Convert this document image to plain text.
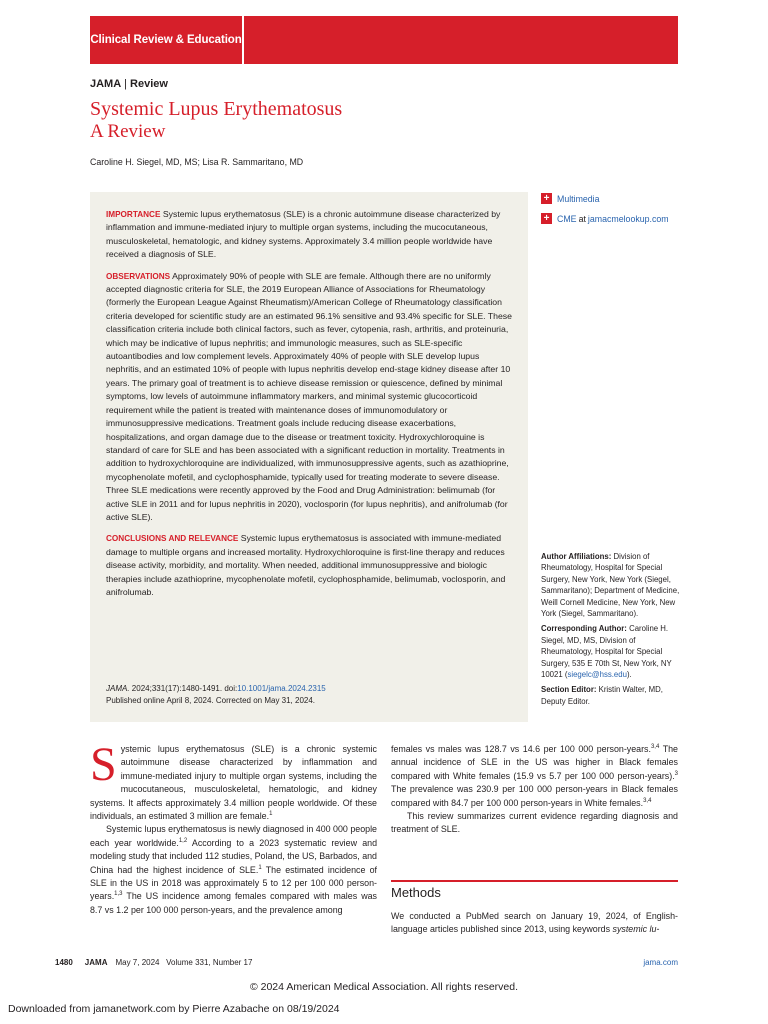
Clinical Review & Education
JAMA | Review
Systemic Lupus Erythematosus
A Review
Caroline H. Siegel, MD, MS; Lisa R. Sammaritano, MD

IMPORTANCE Systemic lupus erythematosus (SLE) is a chronic autoimmune disease characterized by inflammation and immune-mediated injury to multiple organ systems, including the mucocutaneous, musculoskeletal, hematologic, and kidney systems. Approximately 3.4 million people worldwide have received a diagnosis of SLE.

OBSERVATIONS Approximately 90% of people with SLE are female. Although there are no uniformly accepted diagnostic criteria for SLE, the 2019 European Alliance of Associations for Rheumatology (formerly the European League Against Rheumatism)/American College of Rheumatology classification criteria developed for scientific study are an estimated 96.1% sensitive and 93.4% specific for SLE. These classification criteria include both clinical factors, such as fever, cytopenia, rash, arthritis, and proteinuria, which may be indicative of lupus nephritis; and immunologic measures, such as SLE-specific autoantibodies and low complement levels. Approximately 40% of people with SLE develop lupus nephritis, and an estimated 10% of people with lupus nephritis develop end-stage kidney disease after 10 years. The primary goal of treatment is to achieve disease remission or quiescence, defined by minimal symptoms, low levels of autoimmune inflammatory markers, and minimal systemic glucocorticoid requirement while the patient is treated with maintenance doses of immunomodulatory or immunosuppressive medications. Treatment goals include reducing disease exacerbations, hospitalizations, and organ damage due to the disease or treatment toxicity. Hydroxychloroquine is standard of care for SLE and has been associated with a significant reduction in mortality. Treatments in addition to hydroxychloroquine are individualized, with immunosuppressive agents, such as azathioprine, mycophenolate mofetil, and cyclophosphamide, typically used for treating moderate to severe disease. Three SLE medications were recently approved by the Food and Drug Administration: belimumab (for active SLE in 2011 and for lupus nephritis in 2020), voclosporin (for lupus nephritis), and anifrolumab (for active SLE).

CONCLUSIONS AND RELEVANCE Systemic lupus erythematosus is associated with immune-mediated damage to multiple organs and increased mortality. Hydroxychloroquine is first-line therapy and reduces disease activity, morbidity, and mortality. When needed, additional immunosuppressive and biologic therapies include azathioprine, mycophenolate mofetil, cyclophosphamide, belimumab, voclosporin, and anifrolumab.

JAMA. 2024;331(17):1480-1491. doi:10.1001/jama.2024.2315
Published online April 8, 2024. Corrected on May 31, 2024.
+ Multimedia
+ CME at jamacmelookup.com

Author Affiliations: Division of Rheumatology, Hospital for Special Surgery, New York, New York (Siegel, Sammaritano); Department of Medicine, Weill Cornell Medicine, New York, New York (Siegel, Sammaritano).

Corresponding Author: Caroline H. Siegel, MD, MS, Division of Rheumatology, Hospital for Special Surgery, 535 E 70th St, New York, NY 10021 (siegelc@hss.edu).

Section Editor: Kristin Walter, MD, Deputy Editor.

Systemic lupus erythematosus (SLE) is a chronic systemic autoimmune disease characterized by inflammation and immune-mediated injury to multiple organ systems, including the mucocutaneous, musculoskeletal, hematologic, and kidney systems. It affects approximately 3.4 million people worldwide. Of these individuals, an estimated 3 million are female.$^1$

Systemic lupus erythematosus is newly diagnosed in 400 000 people each year worldwide.$^{1,2}$ According to a 2023 systematic review and modeling study that included 112 studies, Poland, the US, Barbados, and China had the highest incidence of SLE.$^1$ The estimated incidence of SLE in the US in 2018 was approximately 5 to 12 per 100 000 person-years.$^{1,3}$ The US incidence among females compared with males was 8.7 vs 1.2 per 100 000 person-years, and the prevalence among

females vs males was 128.7 vs 14.6 per 100 000 person-years.$^{3,4}$ The annual incidence of SLE in the US was higher in Black females compared with White females (15.9 vs 5.7 per 100 000 person-years).$^3$ The prevalence was 230.9 per 100 000 person-years in Black females compared with 84.7 per 100 000 person-years in White females.$^{3,4}$

This review summarizes current evidence regarding diagnosis and treatment of SLE.

Methods
We conducted a PubMed search on January 19, 2024, of English-language articles published since 2013, using keywords systemic lu-
1480 JAMA May 7, 2024   Volume 331, Number 17	jama.com
© 2024 American Medical Association. All rights reserved.
Downloaded from jamanetwork.com by Pierre Azabache on 08/19/2024
